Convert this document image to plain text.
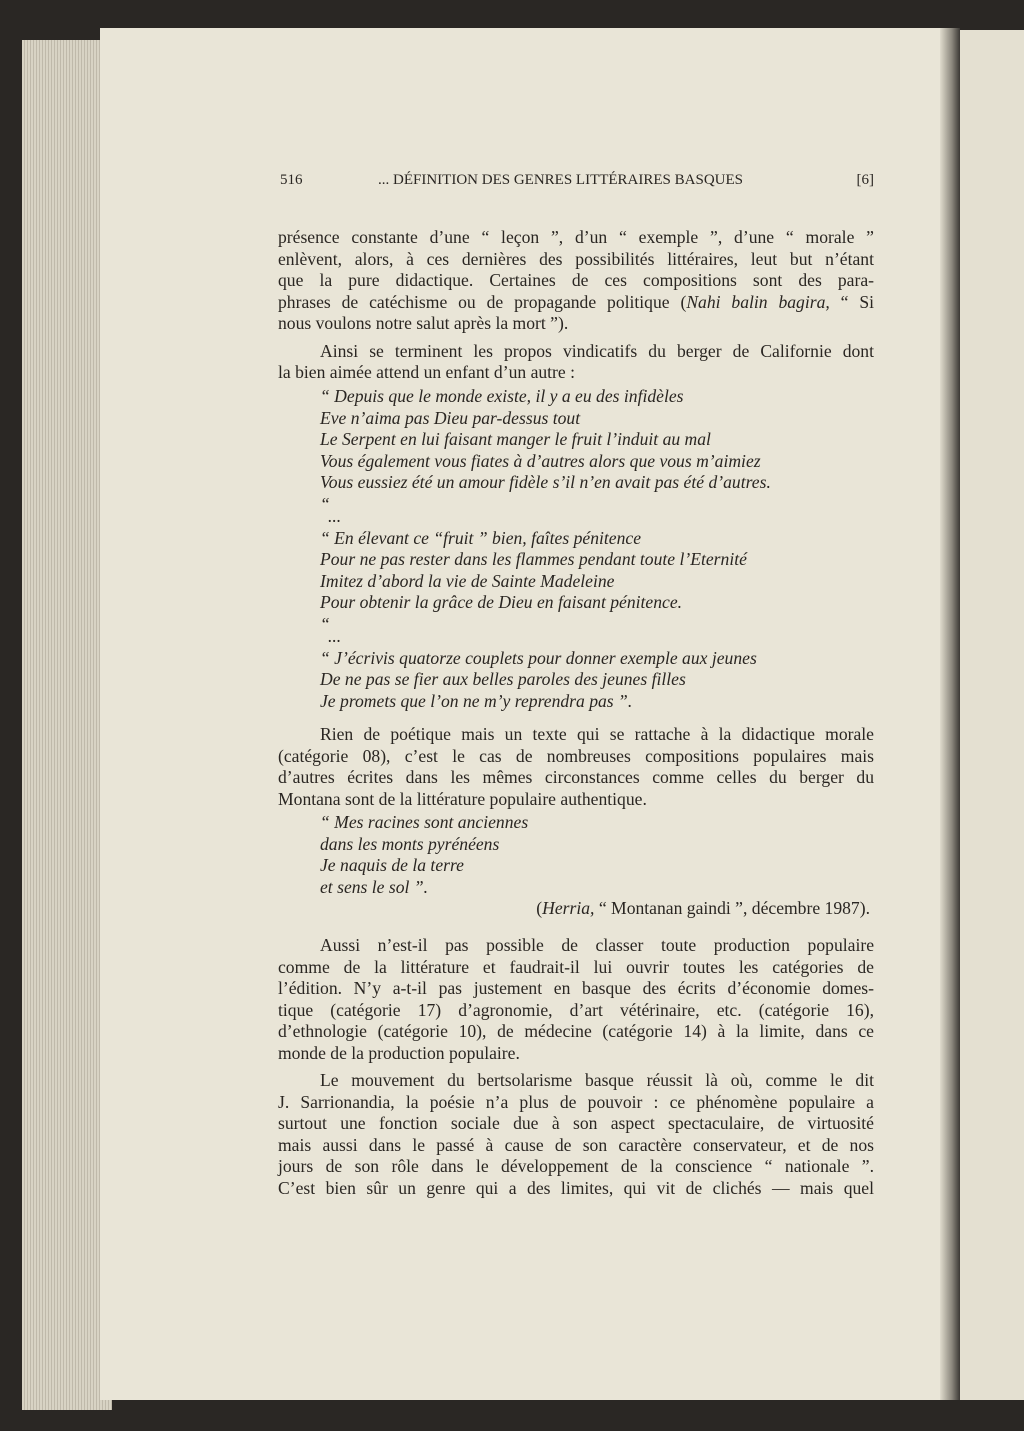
516	... DÉFINITION DES GENRES LITTÉRAIRES BASQUES	[6]
présence constante d’une “ leçon ”, d’un “ exemple ”, d’une “ morale ”
enlèvent, alors, à ces dernières des possibilités littéraires, leut but n’étant
que la pure didactique. Certaines de ces compositions sont des para-
phrases de catéchisme ou de propagande politique (Nahi balin bagira, “ Si
nous voulons notre salut après la mort ”).
Ainsi se terminent les propos vindicatifs du berger de Californie dont
la bien aimée attend un enfant d’un autre :
“ Depuis que le monde existe, il y a eu des infidèles
Eve n’aima pas Dieu par-dessus tout
Le Serpent en lui faisant manger le fruit l’induit au mal
Vous également vous fiates à d’autres alors que vous m’aimiez
Vous eussiez été un amour fidèle s’il n’en avait pas été d’autres.
“
...
“ En élevant ce “fruit ” bien, faîtes pénitence
Pour ne pas rester dans les flammes pendant toute l’Eternité
Imitez d’abord la vie de Sainte Madeleine
Pour obtenir la grâce de Dieu en faisant pénitence.
“
...
“ J’écrivis quatorze couplets pour donner exemple aux jeunes
De ne pas se fier aux belles paroles des jeunes filles
Je promets que l’on ne m’y reprendra pas ”.
Rien de poétique mais un texte qui se rattache à la didactique morale
(catégorie 08), c’est le cas de nombreuses compositions populaires mais
d’autres écrites dans les mêmes circonstances comme celles du berger du
Montana sont de la littérature populaire authentique.
“ Mes racines sont anciennes
dans les monts pyrénéens
Je naquis de la terre
et sens le sol ”.
(Herria, “ Montanan gaindi ”, décembre 1987).
Aussi n’est-il pas possible de classer toute production populaire
comme de la littérature et faudrait-il lui ouvrir toutes les catégories de
l’édition. N’y a-t-il pas justement en basque des écrits d’économie domes-
tique (catégorie 17) d’agronomie, d’art vétérinaire, etc. (catégorie 16),
d’ethnologie (catégorie 10), de médecine (catégorie 14) à la limite, dans ce
monde de la production populaire.
Le mouvement du bertsolarisme basque réussit là où, comme le dit
J. Sarrionandia, la poésie n’a plus de pouvoir : ce phénomène populaire a
surtout une fonction sociale due à son aspect spectaculaire, de virtuosité
mais aussi dans le passé à cause de son caractère conservateur, et de nos
jours de son rôle dans le développement de la conscience “ nationale ”.
C’est bien sûr un genre qui a des limites, qui vit de clichés — mais quel
